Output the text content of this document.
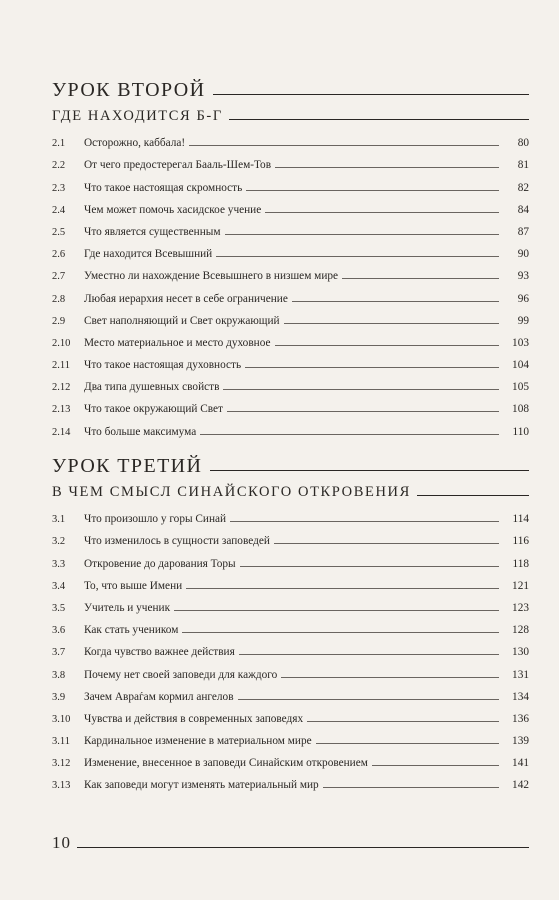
УРОК ВТОРОЙ
ГДЕ НАХОДИТСЯ Б-Г
2.1	Осторожно, каббала!	80
2.2	От чего предостерегал Бааль-Шем-Тов	81
2.3	Что такое настоящая скромность	82
2.4	Чем может помочь хасидское учение	84
2.5	Что является существенным	87
2.6	Где находится Всевышний	90
2.7	Уместно ли нахождение Всевышнего в низшем мире	93
2.8	Любая иерархия несет в себе ограничение	96
2.9	Свет наполняющий и Свет окружающий	99
2.10	Место материальное и место духовное	103
2.11	Что такое настоящая духовность	104
2.12	Два типа душевных свойств	105
2.13	Что такое окружающий Свет	108
2.14	Что больше максимума	110
УРОК ТРЕТИЙ
В ЧЕМ СМЫСЛ СИНАЙСКОГО ОТКРОВЕНИЯ
3.1	Что произошло у горы Синай	114
3.2	Что изменилось в сущности заповедей	116
3.3	Откровение до дарования Торы	118
3.4	То, что выше Имени	121
3.5	Учитель и ученик	123
3.6	Как стать учеником	128
3.7	Когда чувство важнее действия	130
3.8	Почему нет своей заповеди для каждого	131
3.9	Зачем Авраѓам кормил ангелов	134
3.10	Чувства и действия в современных заповедях	136
3.11	Кардинальное изменение в материальном мире	139
3.12	Изменение, внесенное в заповеди Синайским откровением	141
3.13	Как заповеди могут изменять материальный мир	142
10
